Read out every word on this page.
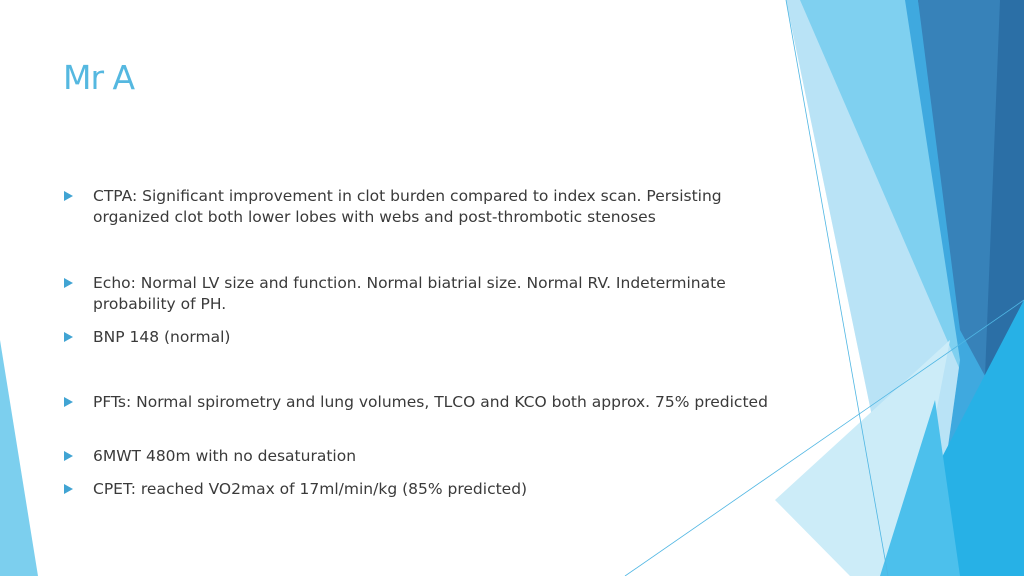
Mr A
CTPA: Significant improvement in clot burden compared to index scan. Persisting organized clot both lower lobes with webs and post-thrombotic stenoses
Echo: Normal LV size and function. Normal biatrial size. Normal RV. Indeterminate probability of PH.
BNP 148 (normal)
PFTs: Normal spirometry and lung volumes, TLCO and KCO both approx. 75% predicted
6MWT 480m with no desaturation
CPET: reached VO2max of 17ml/min/kg (85% predicted)
